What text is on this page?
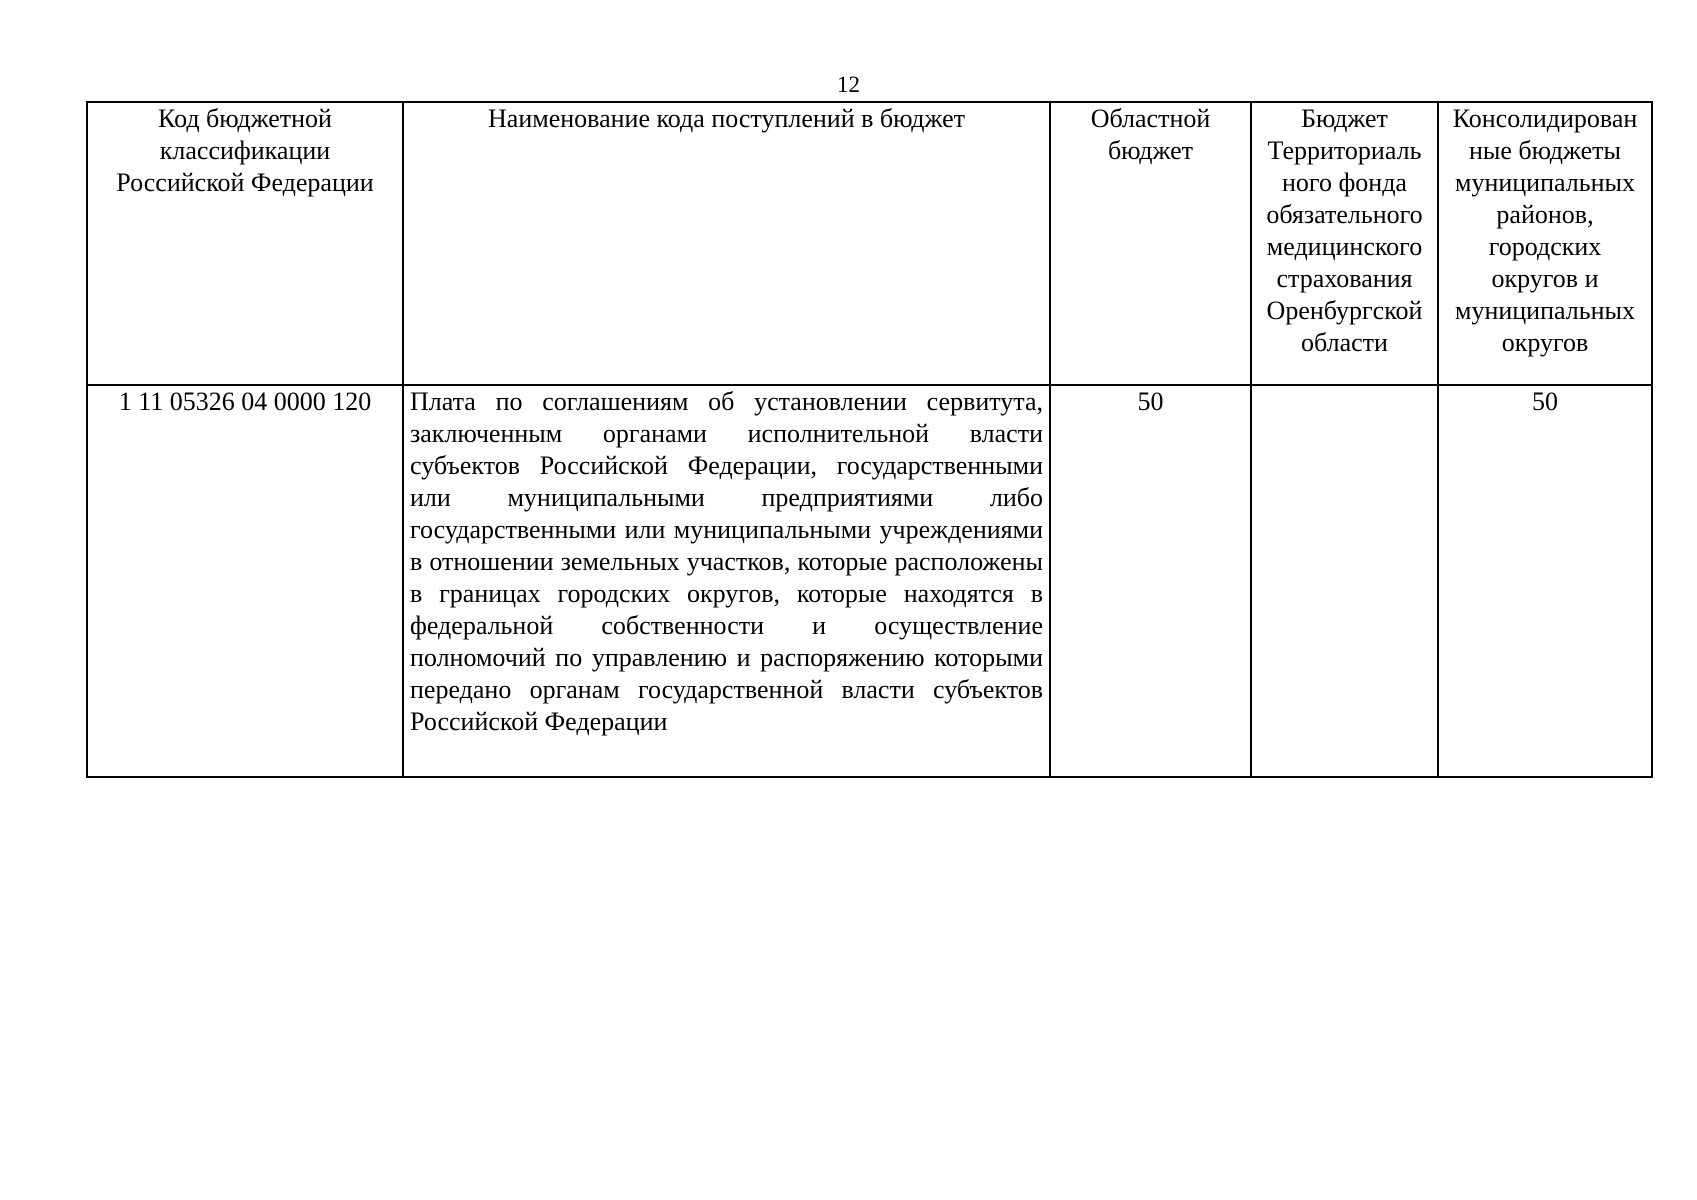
12
Код бюджетной классификации Российской Федерации	Наименование кода поступлений в бюджет	Областной бюджет	Бюджет Территориаль ного фонда обязательного медицинского страхования Оренбургской области	Консолидирован ные бюджеты муниципальных районов, городских округов и муниципальных округов
1 11 05326 04 0000 120	Плата по соглашениям об установлении сервитута, заключенным органами исполнительной власти субъектов Российской Федерации, государственными или муниципальными предприятиями либо государственными или муниципальными учреждениями в отношении земельных участков, которые расположены в границах городских округов, которые находятся в федеральной собственности и осуществление полномочий по управлению и распоряжению которыми передано органам государственной власти субъектов Российской Федерации	50		50
